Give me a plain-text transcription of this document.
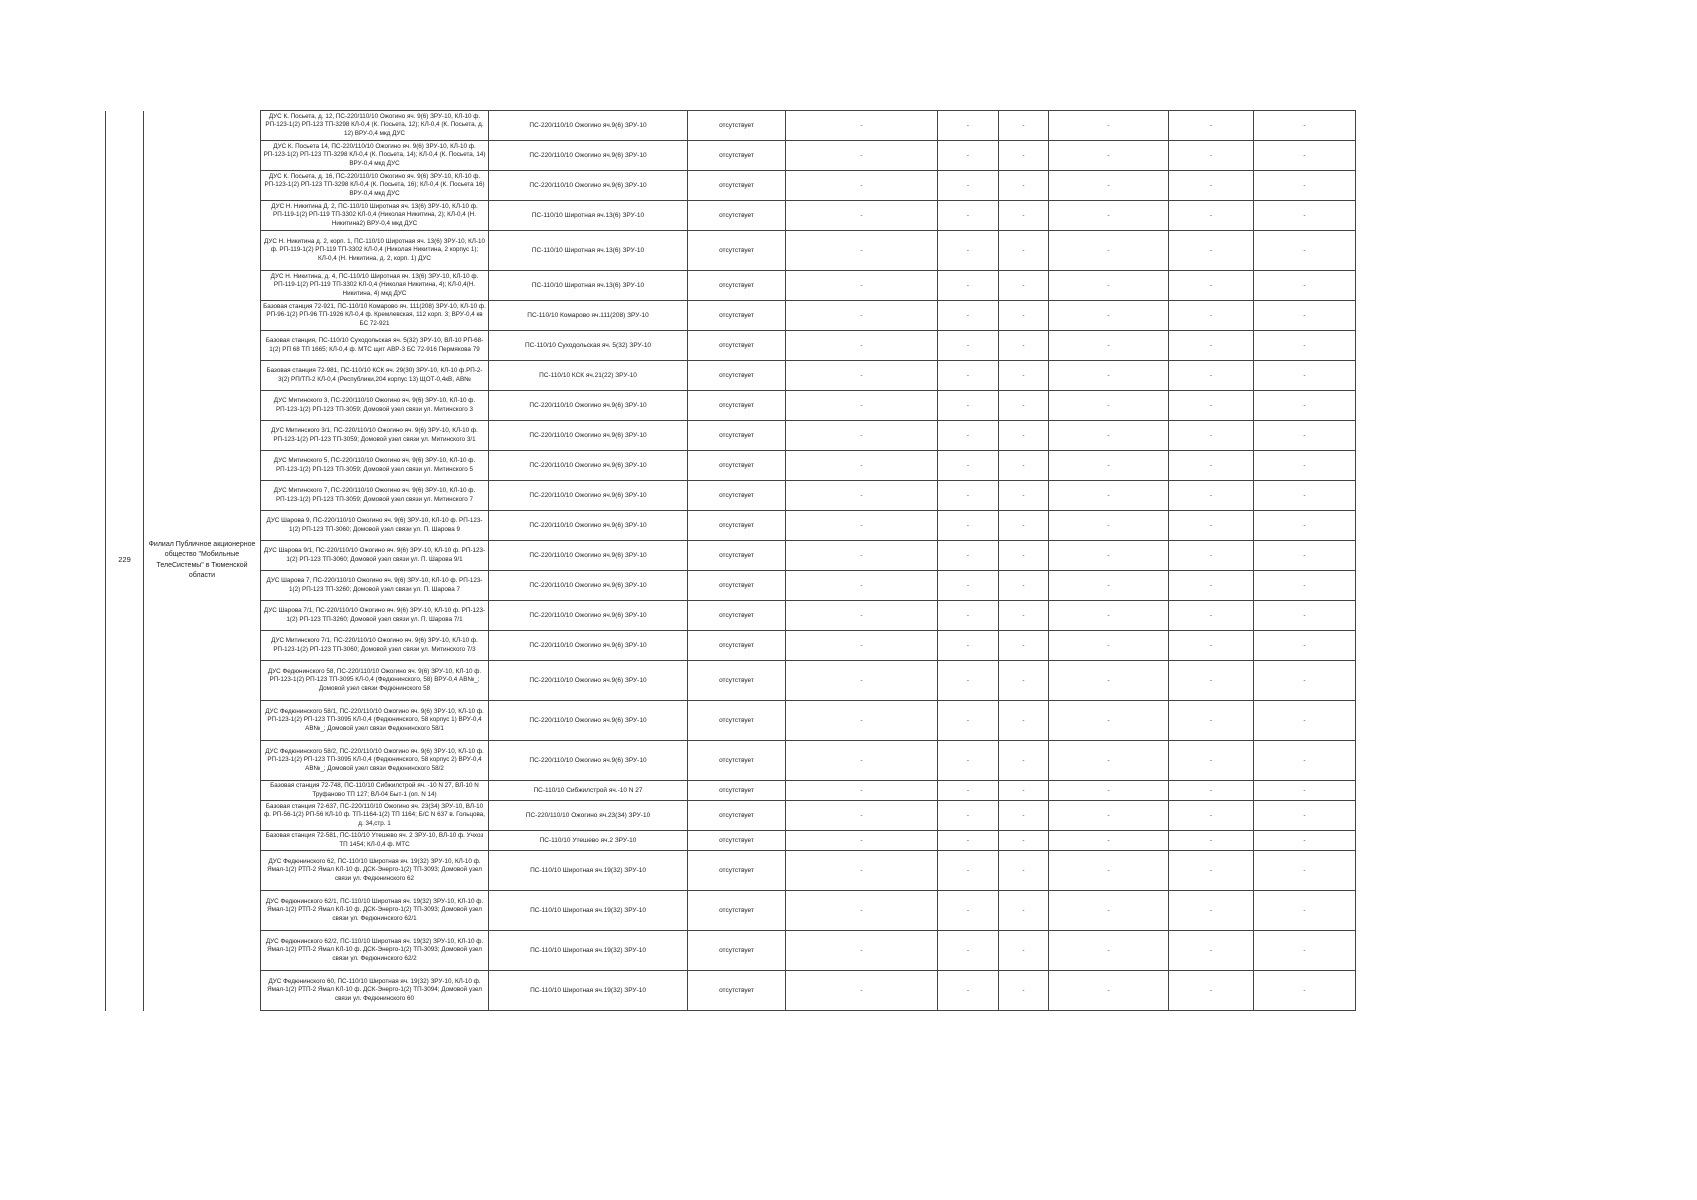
229	Филиал Публичное акционерное общество "Мобильные ТелеСистемы" в Тюменской области	ДУС К. Посьета, д. 12, ПС-220/110/10 Ожогино яч. 9(6) ЗРУ-10, КЛ-10 ф. РП-123-1(2) РП-123 ТП-3298 КЛ-0,4 (К. Посьета, 12); КЛ-0,4 (К. Посьета, д. 12) ВРУ-0,4 мкд ДУС	ПС-220/110/10 Ожогино яч.9(6) ЗРУ-10	отсутствует	-	-	-	-	-	-
		ДУС К. Посьета 14, ПС-220/110/10 Ожогино яч. 9(6) ЗРУ-10, КЛ-10 ф. РП-123-1(2) РП-123 ТП-3298 КЛ-0,4 (К. Посьета, 14); КЛ-0,4 (К. Посьета, 14) ВРУ-0,4 мкд ДУС	ПС-220/110/10 Ожогино яч.9(6) ЗРУ-10	отсутствует	-	-	-	-	-	-
		ДУС К. Посьета, д. 16, ПС-220/110/10 Ожогино яч. 9(6) ЗРУ-10, КЛ-10 ф. РП-123-1(2) РП-123 ТП-3298 КЛ-0,4 (К. Посьета, 16); КЛ-0,4 (К. Посьета 16) ВРУ-0,4 мкд ДУС	ПС-220/110/10 Ожогино яч.9(6) ЗРУ-10	отсутствует	-	-	-	-	-	-
		ДУС Н. Никитина Д. 2, ПС-110/10 Широтная яч. 13(6) ЗРУ-10, КЛ-10 ф. РП-119-1(2) РП-119 ТП-3302 КЛ-0,4 (Николая Никитина, 2); КЛ-0,4 (Н. Никитина2) ВРУ-0,4 мкд ДУС	ПС-110/10 Широтная яч.13(6) ЗРУ-10	отсутствует	-	-	-	-	-	-
		ДУС Н. Никитина д. 2, корп. 1, ПС-110/10 Широтная яч. 13(6) ЗРУ-10, КЛ-10 ф. РП-119-1(2) РП-119 ТП-3302 КЛ-0,4 (Николая Никитина, 2 корпус 1); КЛ-0,4 (Н. Никитина, д. 2, корп. 1) ДУС	ПС-110/10 Широтная яч.13(6) ЗРУ-10	отсутствует	-	-	-	-	-	-
		ДУС Н. Никитина, д. 4, ПС-110/10 Широтная яч. 13(6) ЗРУ-10, КЛ-10 ф. РП-119-1(2) РП-119 ТП-3302 КЛ-0,4 (Николая Никитина, 4); КЛ-0,4(Н. Никитина, 4) мкд ДУС	ПС-110/10 Широтная яч.13(6) ЗРУ-10	отсутствует	-	-	-	-	-	-
		Базовая станция 72-921, ПС-110/10 Комарово яч. 111(208) ЗРУ-10, КЛ-10 ф. РП-96-1(2) РП-96 ТП-1926 КЛ-0,4 ф. Кремлевская, 112 корп. 3; ВРУ-0,4 кв БС 72-921	ПС-110/10 Комарово яч.111(208) ЗРУ-10	отсутствует	-	-	-	-	-	-
		Базовая станция, ПС-110/10 Суходольская яч. 5(32) ЗРУ-10, ВЛ-10 РП-68-1(2) РП 68 ТП 1665; КЛ-0,4 ф. МТС щит АВР-3 БС 72-916 Пермякова 79	ПС-110/10 Суходольская яч. 5(32) ЗРУ-10	отсутствует	-	-	-	-	-	-
		Базовая станция 72-981, ПС-110/10 КСК яч. 29(30) ЗРУ-10, КЛ-10 ф.РП-2-3(2) РП/ТП-2 КЛ-0,4 (Республики,204 корпус 13) ЩОТ-0,4кВ, АВ№	ПС-110/10 КСК яч.21(22) ЗРУ-10	отсутствует	-	-	-	-	-	-
		ДУС Митинского 3, ПС-220/110/10 Ожогино яч. 9(6) ЗРУ-10, КЛ-10 ф. РП-123-1(2) РП-123 ТП-3059; Домовой узел связи ул. Митинского 3	ПС-220/110/10 Ожогино яч.9(6) ЗРУ-10	отсутствует	-	-	-	-	-	-
		ДУС Митинского 3/1, ПС-220/110/10 Ожогино яч. 9(6) ЗРУ-10, КЛ-10 ф. РП-123-1(2) РП-123 ТП-3059; Домовой узел связи ул. Митинского 3/1	ПС-220/110/10 Ожогино яч.9(6) ЗРУ-10	отсутствует	-	-	-	-	-	-
		ДУС Митинского 5, ПС-220/110/10 Ожогино яч. 9(6) ЗРУ-10, КЛ-10 ф. РП-123-1(2) РП-123 ТП-3059; Домовой узел связи ул. Митинского 5	ПС-220/110/10 Ожогино яч.9(6) ЗРУ-10	отсутствует	-	-	-	-	-	-
		ДУС Митинского 7, ПС-220/110/10 Ожогино яч. 9(6) ЗРУ-10, КЛ-10 ф. РП-123-1(2) РП-123 ТП-3059; Домовой узел связи ул. Митинского 7	ПС-220/110/10 Ожогино яч.9(6) ЗРУ-10	отсутствует	-	-	-	-	-	-
		ДУС Шарова 9, ПС-220/110/10 Ожогино яч. 9(6) ЗРУ-10, КЛ-10 ф. РП-123-1(2) РП-123 ТП-3060; Домовой узел связи ул. П. Шарова 9	ПС-220/110/10 Ожогино яч.9(6) ЗРУ-10	отсутствует	-	-	-	-	-	-
		ДУС Шарова 9/1, ПС-220/110/10 Ожогино яч. 9(6) ЗРУ-10, КЛ-10 ф. РП-123-1(2) РП-123 ТП-3060; Домовой узел связи ул. П. Шарова 9/1	ПС-220/110/10 Ожогино яч.9(6) ЗРУ-10	отсутствует	-	-	-	-	-	-
		ДУС Шарова 7, ПС-220/110/10 Ожогино яч. 9(6) ЗРУ-10, КЛ-10 ф. РП-123-1(2) РП-123 ТП-3260; Домовой узел связи ул. П. Шарова 7	ПС-220/110/10 Ожогино яч.9(6) ЗРУ-10	отсутствует	-	-	-	-	-	-
		ДУС Шарова 7/1, ПС-220/110/10 Ожогино яч. 9(6) ЗРУ-10, КЛ-10 ф. РП-123-1(2) РП-123 ТП-3260; Домовой узел связи ул. П. Шарова 7/1	ПС-220/110/10 Ожогино яч.9(6) ЗРУ-10	отсутствует	-	-	-	-	-	-
		ДУС Митинского 7/1, ПС-220/110/10 Ожогино яч. 9(6) ЗРУ-10, КЛ-10 ф. РП-123-1(2) РП-123 ТП-3060; Домовой узел связи ул. Митинского 7/3	ПС-220/110/10 Ожогино яч.9(6) ЗРУ-10	отсутствует	-	-	-	-	-	-
		ДУС Федюнинского 58, ПС-220/110/10 Ожогино яч. 9(6) ЗРУ-10, КЛ-10 ф. РП-123-1(2) РП-123 ТП-3095 КЛ-0,4 (Федюнинского, 58) ВРУ-0,4 АВ№_; Домовой узел связи Федюнинского 58	ПС-220/110/10 Ожогино яч.9(6) ЗРУ-10	отсутствует	-	-	-	-	-	-
		ДУС Федюнинского 58/1, ПС-220/110/10 Ожогино яч. 9(6) ЗРУ-10, КЛ-10 ф. РП-123-1(2) РП-123 ТП-3095 КЛ-0,4 (Федюнинского, 58 корпус 1) ВРУ-0,4 АВ№_; Домовой узел связи Федюнинского 58/1	ПС-220/110/10 Ожогино яч.9(6) ЗРУ-10	отсутствует	-	-	-	-	-	-
		ДУС Федюнинского 58/2, ПС-220/110/10 Ожогино яч. 9(6) ЗРУ-10, КЛ-10 ф. РП-123-1(2) РП-123 ТП-3095 КЛ-0,4 (Федюнинского, 58 корпус 2) ВРУ-0,4 АВ№_; Домовой узел связи Федюнинского 58/2	ПС-220/110/10 Ожогино яч.9(6) ЗРУ-10	отсутствует	-	-	-	-	-	-
		Базовая станция 72-748, ПС-110/10 Сибжилстрой яч. -10 N 27, ВЛ-10 N Труфаново ТП 127; ВЛ-04 Быт-1 (оп. N 14)	ПС-110/10 Сибжилстрой яч.-10 N 27	отсутствует	-	-	-	-	-	-
		Базовая станция 72-637, ПС-220/110/10 Ожогино яч. 23(34) ЗРУ-10, ВЛ-10 ф. РП-56-1(2) РП-56 КЛ-10 ф. ТП-1164-1(2) ТП 1164; Б/С N 637 в. Гольцова, д. 34,стр. 1	ПС-220/110/10 Ожогино яч.23(34) ЗРУ-10	отсутствует	-	-	-	-	-	-
		Базовая станция 72-581, ПС-110/10 Утешево яч. 2 ЗРУ-10, ВЛ-10 ф. Учхоз ТП 1454; КЛ-0,4 ф. МТС	ПС-110/10 Утешево яч.2 ЗРУ-10	отсутствует	-	-	-	-	-	-
		ДУС Федюнинского 62, ПС-110/10 Широтная яч. 19(32) ЗРУ-10, КЛ-10 ф. Ямал-1(2) РТП-2 Ямал КЛ-10 ф. ДСК-Энерго-1(2) ТП-3093; Домовой узел связи ул. Федюнинского 62	ПС-110/10 Широтная яч.19(32) ЗРУ-10	отсутствует	-	-	-	-	-	-
		ДУС Федюнинского 62/1, ПС-110/10 Широтная яч. 19(32) ЗРУ-10, КЛ-10 ф. Ямал-1(2) РТП-2 Ямал КЛ-10 ф. ДСК-Энерго-1(2) ТП-3093; Домовой узел связи ул. Федюнинского 62/1	ПС-110/10 Широтная яч.19(32) ЗРУ-10	отсутствует	-	-	-	-	-	-
		ДУС Федюнинского 62/2, ПС-110/10 Широтная яч. 19(32) ЗРУ-10, КЛ-10 ф. Ямал-1(2) РТП-2 Ямал КЛ-10 ф. ДСК-Энерго-1(2) ТП-3093; Домовой узел связи ул. Федюнинского 62/2	ПС-110/10 Широтная яч.19(32) ЗРУ-10	отсутствует	-	-	-	-	-	-
		ДУС Федюнинского 60, ПС-110/10 Широтная яч. 19(32) ЗРУ-10, КЛ-10 ф. Ямал-1(2) РТП-2 Ямал КЛ-10 ф. ДСК-Энерго-1(2) ТП-3094; Домовой узел связи ул. Федюнинского 60	ПС-110/10 Широтная яч.19(32) ЗРУ-10	отсутствует	-	-	-	-	-	-
